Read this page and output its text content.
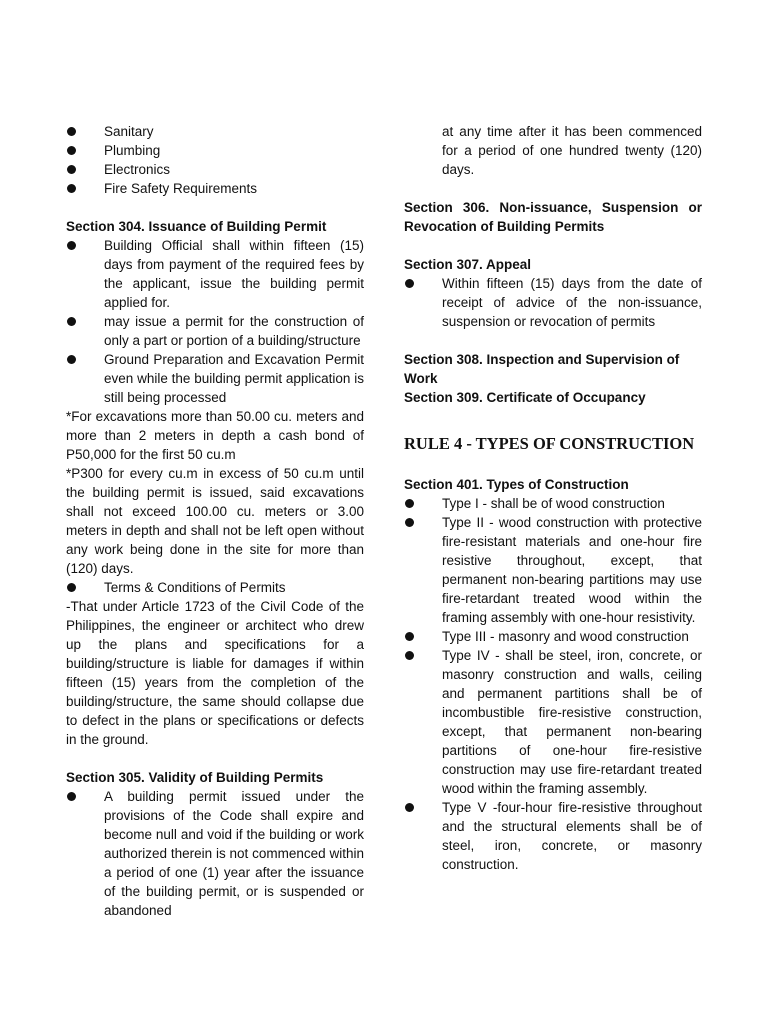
Sanitary
Plumbing
Electronics
Fire Safety Requirements

Section 304. Issuance of Building Permit

Building Official shall within fifteen (15) days from payment of the required fees by the applicant, issue the building permit applied for.
may issue a permit for the construction of only a part or portion of a building/structure
Ground Preparation and Excavation Permit even while the building permit application is still being processed
*For excavations more than 50.00 cu. meters and more than 2 meters in depth a cash bond of P50,000 for the first 50 cu.m
*P300 for every cu.m in excess of 50 cu.m until the building permit is issued, said excavations shall not exceed 100.00 cu. meters or 3.00 meters in depth and shall not be left open without any work being done in the site for more than (120) days.
Terms & Conditions of Permits
-That under Article 1723 of the Civil Code of the Philippines, the engineer or architect who drew up the plans and specifications for a building/structure is liable for damages if within fifteen (15) years from the completion of the building/structure, the same should collapse due to defect in the plans or specifications or defects in the ground.

Section 305. Validity of Building Permits

A building permit issued under the provisions of the Code shall expire and become null and void if the building or work authorized therein is not commenced within a period of one (1) year after the issuance of the building permit, or is suspended or abandoned
at any time after it has been commenced for a period of one hundred twenty (120) days.

Section 306. Non-issuance, Suspension or Revocation of Building Permits

Section 307. Appeal

Within fifteen (15) days from the date of receipt of advice of the non-issuance, suspension or revocation of permits

Section 308. Inspection and Supervision of Work

Section 309. Certificate of Occupancy

RULE 4 - TYPES OF CONSTRUCTION

Section 401. Types of Construction

Type I - shall be of wood construction
Type II - wood construction with protective fire-resistant materials and one-hour fire resistive throughout, except, that permanent non-bearing partitions may use fire-retardant treated wood within the framing assembly with one-hour resistivity.
Type III - masonry and wood construction
Type IV - shall be steel, iron, concrete, or masonry construction and walls, ceiling and permanent partitions shall be of incombustible fire-resistive construction, except, that permanent non-bearing partitions of one-hour fire-resistive construction may use fire-retardant treated wood within the framing assembly.
Type V -four-hour fire-resistive throughout and the structural elements shall be of steel, iron, concrete, or masonry construction.
